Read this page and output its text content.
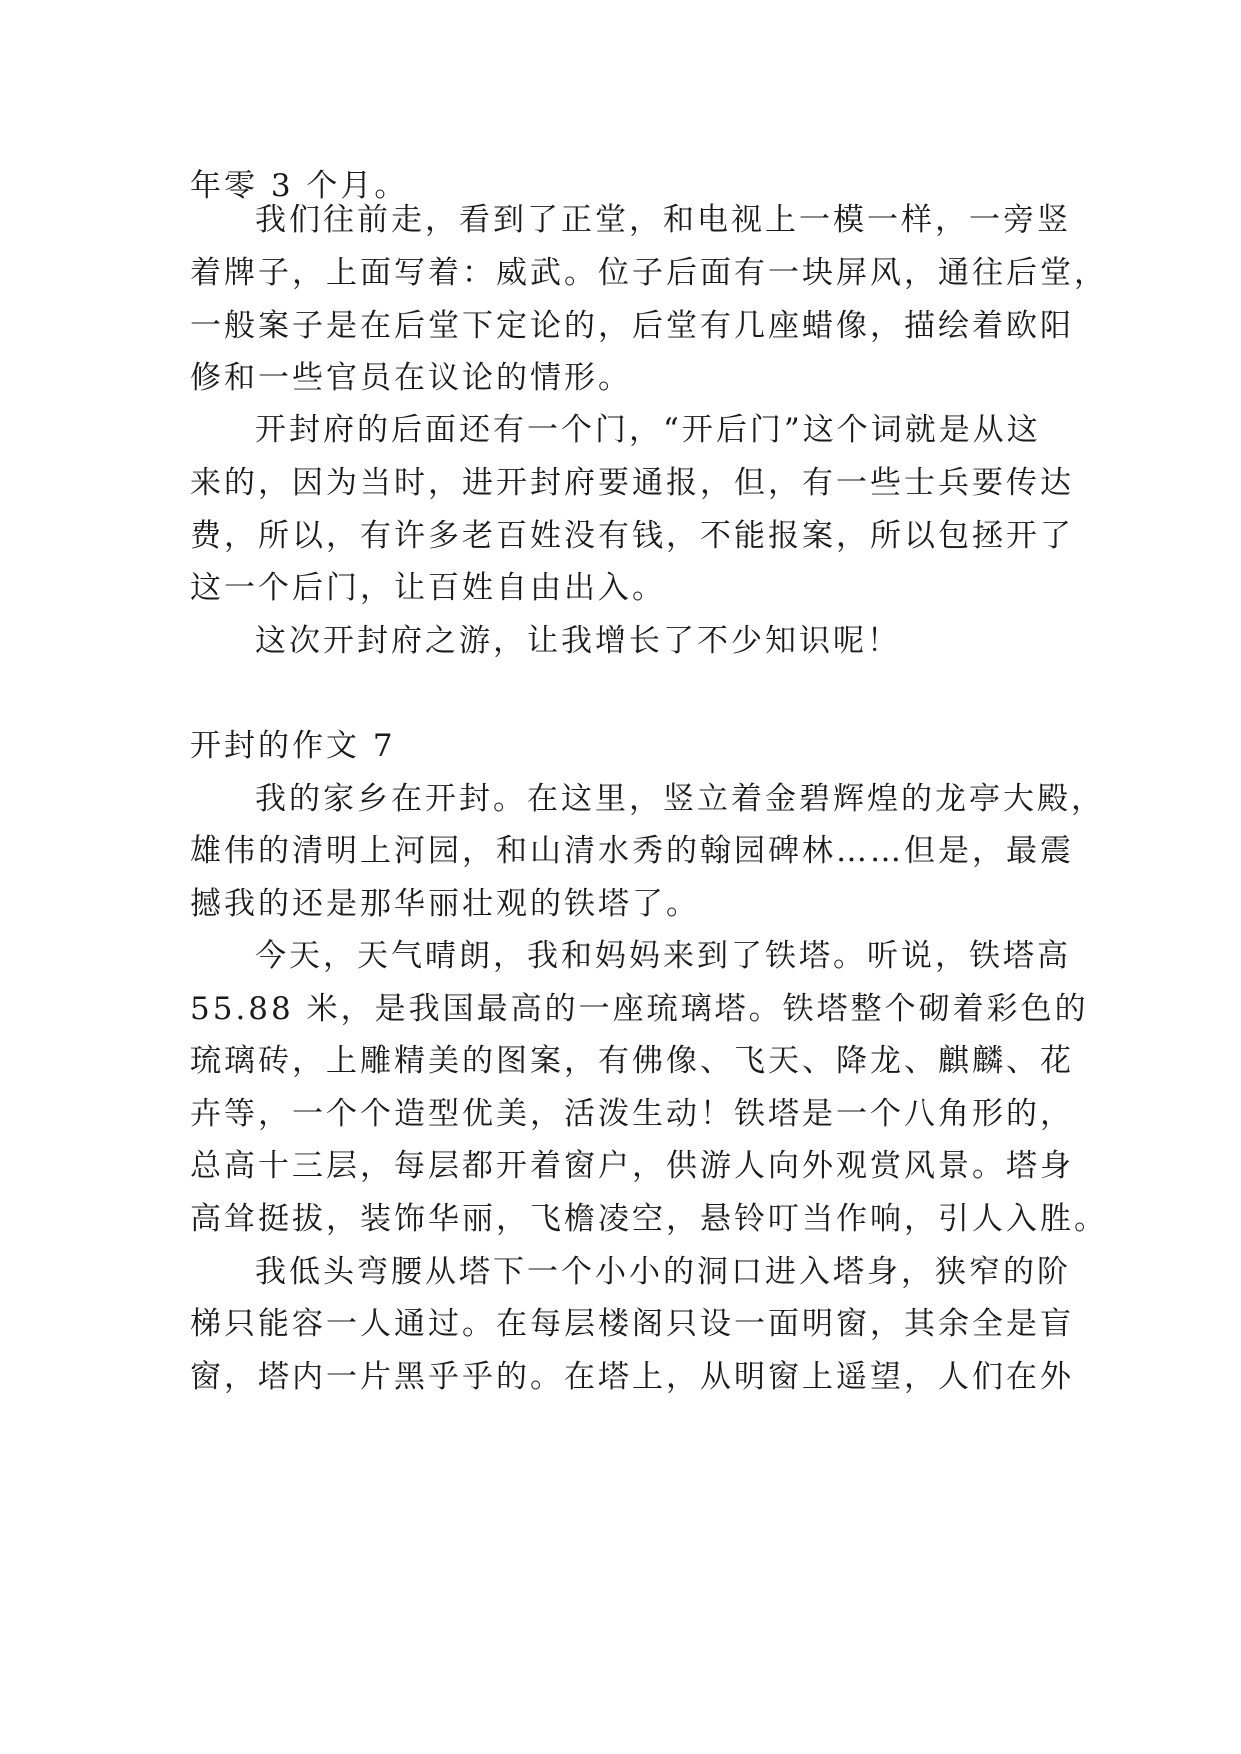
年零 3 个月。
我们往前走，看到了正堂，和电视上一模一样，一旁竖
着牌子，上面写着：威武。位子后面有一块屏风，通往后堂，
一般案子是在后堂下定论的，后堂有几座蜡像，描绘着欧阳
修和一些官员在议论的情形。
开封府的后面还有一个门，“开后门”这个词就是从这
来的，因为当时，进开封府要通报，但，有一些士兵要传达
费，所以，有许多老百姓没有钱，不能报案，所以包拯开了
这一个后门，让百姓自由出入。
这次开封府之游，让我增长了不少知识呢！
开封的作文 7
我的家乡在开封。在这里，竖立着金碧辉煌的龙亭大殿，
雄伟的清明上河园，和山清水秀的翰园碑林……但是，最震
撼我的还是那华丽壮观的铁塔了。
今天，天气晴朗，我和妈妈来到了铁塔。听说，铁塔高
55.88 米，是我国最高的一座琉璃塔。铁塔整个砌着彩色的
琉璃砖，上雕精美的图案，有佛像、飞天、降龙、麒麟、花
卉等，一个个造型优美，活泼生动！铁塔是一个八角形的，
总高十三层，每层都开着窗户，供游人向外观赏风景。塔身
高耸挺拔，装饰华丽，飞檐凌空，悬铃叮当作响，引人入胜。
我低头弯腰从塔下一个小小的洞口进入塔身，狭窄的阶
梯只能容一人通过。在每层楼阁只设一面明窗，其余全是盲
窗，塔内一片黑乎乎的。在塔上，从明窗上遥望，人们在外
